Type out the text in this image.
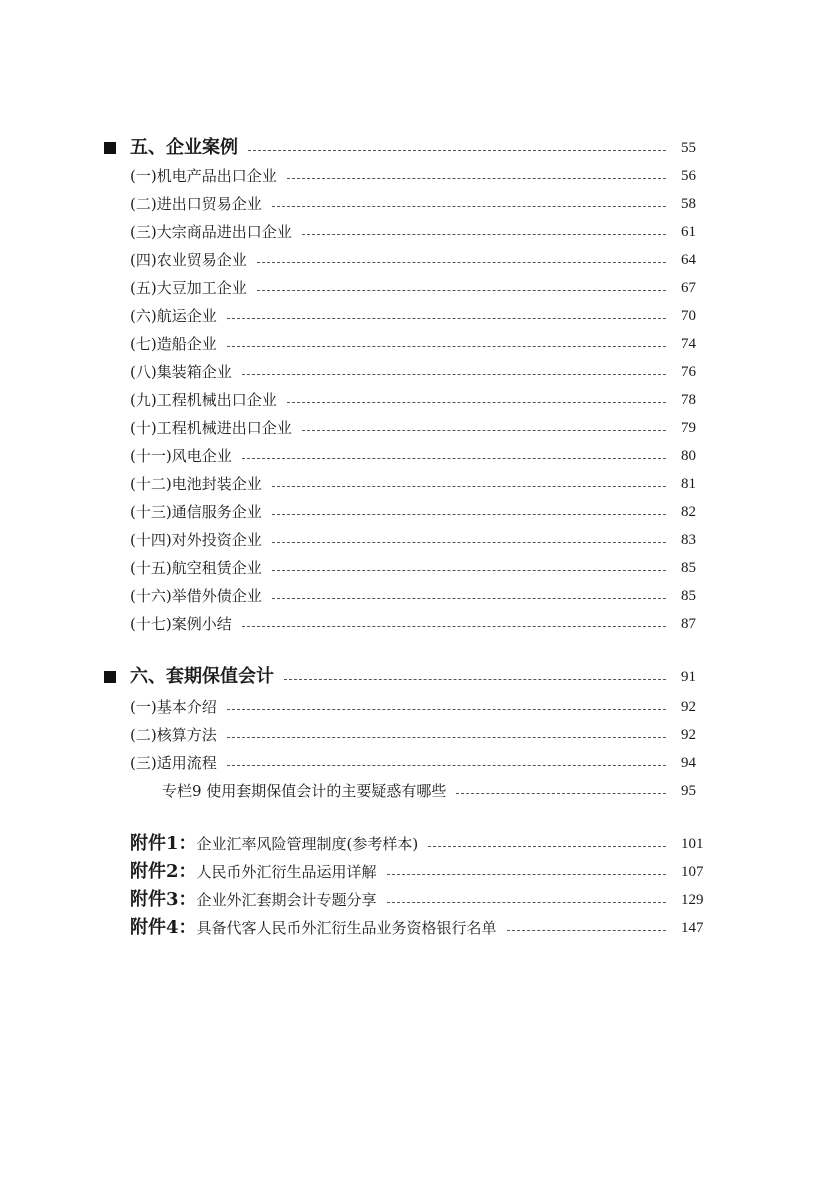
五、企业案例	55
(一)机电产品出口企业	56
(二)进出口贸易企业	58
(三)大宗商品进出口企业	61
(四)农业贸易企业	64
(五)大豆加工企业	67
(六)航运企业	70
(七)造船企业	74
(八)集装箱企业	76
(九)工程机械出口企业	78
(十)工程机械进出口企业	79
(十一)风电企业	80
(十二)电池封装企业	81
(十三)通信服务企业	82
(十四)对外投资企业	83
(十五)航空租赁企业	85
(十六)举借外债企业	85
(十七)案例小结	87
六、套期保值会计	91
(一)基本介绍	92
(二)核算方法	92
(三)适用流程	94
专栏9 使用套期保值会计的主要疑惑有哪些	95
附件1：企业汇率风险管理制度(参考样本)	101
附件2：人民币外汇衍生品运用详解	107
附件3：企业外汇套期会计专题分享	129
附件4：具备代客人民币外汇衍生品业务资格银行名单	147
